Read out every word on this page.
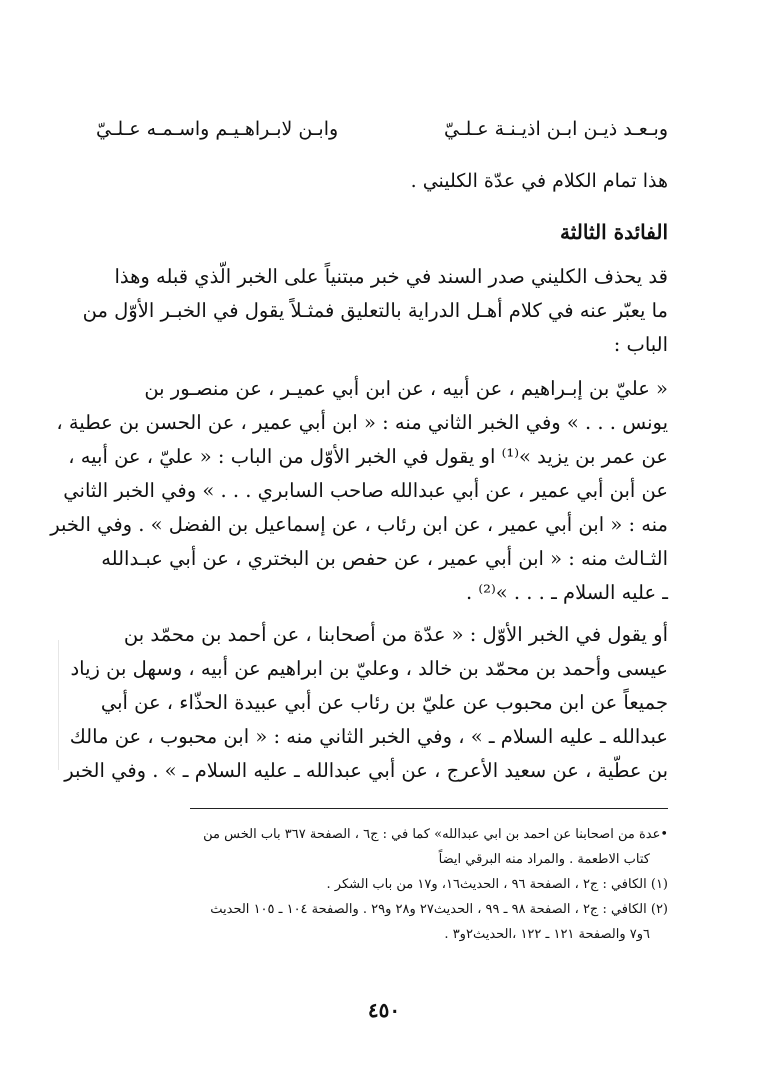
وبـعـد ذيـن ابـن اذيـنـة عـلـيّ
وابـن لابـراهـيـم واسـمـه عـلـيّ
هذا تمام الكلام في عدّة الكليني .
الفائدة الثالثة

قد يحذف الكليني صدر السند في خبر مبتنياً على الخبر الّذي قبله وهذا

ما يعبّر عنه في كلام أهـل الدراية بالتعليق فمثـلاً يقول في الخبـر الأوّل من

الباب :

« عليّ بن إبـراهيم ، عن أبيه ، عن ابن أبي عميـر ، عن منصـور بن

يونس . . . » وفي الخبر الثاني منه : « ابن أبي عمير ، عن الحسن بن عطية ،

عن عمر بن يزيد »⁽¹⁾ او يقول في الخبر الأوّل من الباب : « عليّ ، عن أبيه ،

عن أبن أبي عمير ، عن أبي عبدالله صاحب السابري . . . » وفي الخبر الثاني

منه : « ابن أبي عمير ، عن ابن رئاب ، عن إسماعيل بن الفضل » . وفي الخبر

الثـالث منه : « ابن أبي عمير ، عن حفص بن البختري ، عن أبي عبـدالله

ـ عليه السلام ـ . . . »⁽²⁾ .

أو يقول في الخبر الأوّل : « عدّة من أصحابنا ، عن أحمد بن محمّد بن

عيسى وأحمد بن محمّد بن خالد ، وعليّ بن ابراهيم عن أبيه ، وسهل بن زياد

جميعاً عن ابن محبوب عن عليّ بن رئاب عن أبي عبيدة الحذّاء ، عن أبي

عبدالله ـ عليه السلام ـ » ، وفي الخبر الثاني منه : « ابن محبوب ، عن مالك

بن عطّية ، عن سعيد الأعرج ، عن أبي عبدالله ـ عليه السلام ـ » . وفي الخبر

•عدة من اصحابنا عن احمد بن ابي عبدالله» كما في : ج٦ ، الصفحة ٣٦٧ باب الخس من

كتاب الاطعمة . والمراد منه البرقي ايضاً

(١) الكافي : ج٢ ، الصفحة ٩٦ ، الحديث١٦، و١٧ من باب الشكر .

(٢) الكافي : ج٢ ، الصفحة ٩٨ ـ ٩٩ ، الحديث٢٧ و٢٨ و٢٩ . والصفحة ١٠٤ ـ ١٠٥ الحديث

٦و٧ والصفحة ١٢١ ـ ١٢٢ ،الحديث٢و٣ .

٤٥٠
